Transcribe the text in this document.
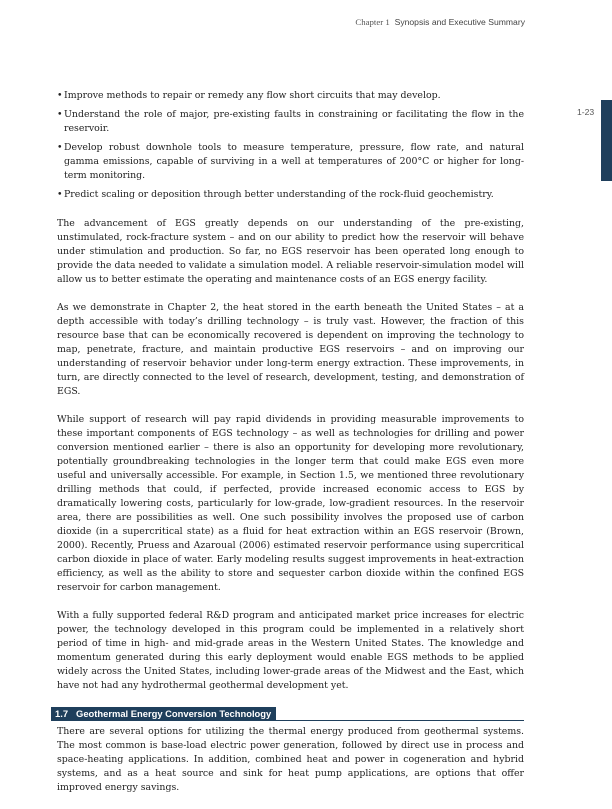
Chapter 1 Synopsis and Executive Summary
1-23
• Improve methods to repair or remedy any flow short circuits that may develop.
• Understand the role of major, pre-existing faults in constraining or facilitating the flow in the reservoir.
• Develop robust downhole tools to measure temperature, pressure, flow rate, and natural gamma emissions, capable of surviving in a well at temperatures of 200°C or higher for long-term monitoring.
• Predict scaling or deposition through better understanding of the rock-fluid geochemistry.

The advancement of EGS greatly depends on our understanding of the pre-existing, unstimulated, rock-fracture system – and on our ability to predict how the reservoir will behave under stimulation and production. So far, no EGS reservoir has been operated long enough to provide the data needed to validate a simulation model. A reliable reservoir-simulation model will allow us to better estimate the operating and maintenance costs of an EGS energy facility.

As we demonstrate in Chapter 2, the heat stored in the earth beneath the United States – at a depth accessible with today’s drilling technology – is truly vast. However, the fraction of this resource base that can be economically recovered is dependent on improving the technology to map, penetrate, fracture, and maintain productive EGS reservoirs – and on improving our understanding of reservoir behavior under long-term energy extraction. These improvements, in turn, are directly connected to the level of research, development, testing, and demonstration of EGS.

While support of research will pay rapid dividends in providing measurable improvements to these important components of EGS technology – as well as technologies for drilling and power conversion mentioned earlier – there is also an opportunity for developing more revolutionary, potentially groundbreaking technologies in the longer term that could make EGS even more useful and universally accessible. For example, in Section 1.5, we mentioned three revolutionary drilling methods that could, if perfected, provide increased economic access to EGS by dramatically lowering costs, particularly for low-grade, low-gradient resources. In the reservoir area, there are possibilities as well. One such possibility involves the proposed use of carbon dioxide (in a supercritical state) as a fluid for heat extraction within an EGS reservoir (Brown, 2000). Recently, Pruess and Azaroual (2006) estimated reservoir performance using supercritical carbon dioxide in place of water. Early modeling results suggest improvements in heat-extraction efficiency, as well as the ability to store and sequester carbon dioxide within the confined EGS reservoir for carbon management.

With a fully supported federal R&D program and anticipated market price increases for electric power, the technology developed in this program could be implemented in a relatively short period of time in high- and mid-grade areas in the Western United States. The knowledge and momentum generated during this early deployment would enable EGS methods to be applied widely across the United States, including lower-grade areas of the Midwest and the East, which have not had any hydrothermal geothermal development yet.

1.7 Geothermal Energy Conversion Technology

There are several options for utilizing the thermal energy produced from geothermal systems. The most common is base-load electric power generation, followed by direct use in process and space-heating applications. In addition, combined heat and power in cogeneration and hybrid systems, and as a heat source and sink for heat pump applications, are options that offer improved energy savings.
